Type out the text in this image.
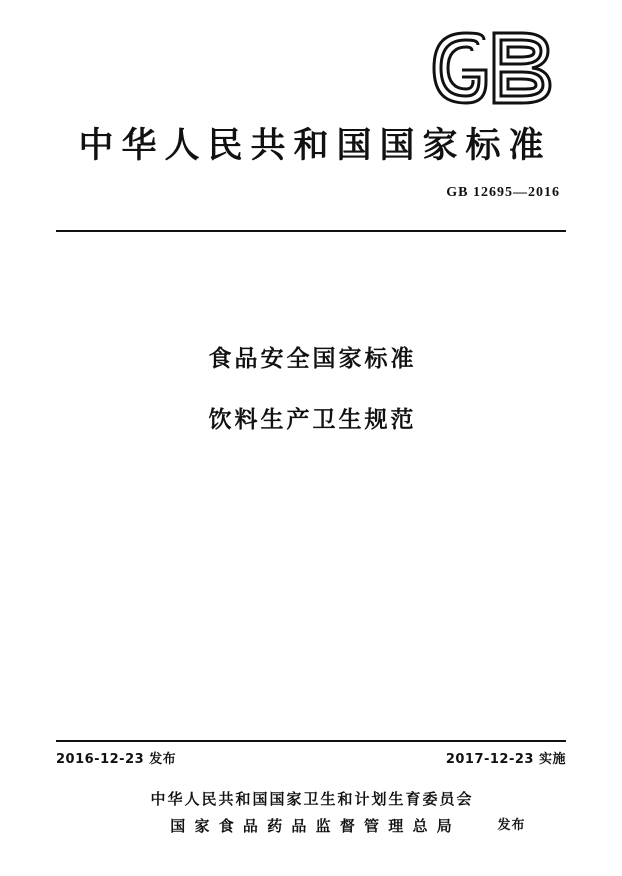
中华人民共和国国家标准
GB 12695—2016
食品安全国家标准
饮料生产卫生规范
2016-12-23 发布	2017-12-23 实施
中华人民共和国国家卫生和计划生育委员会
国 家 食 品 药 品 监 督 管 理 总 局	发布
